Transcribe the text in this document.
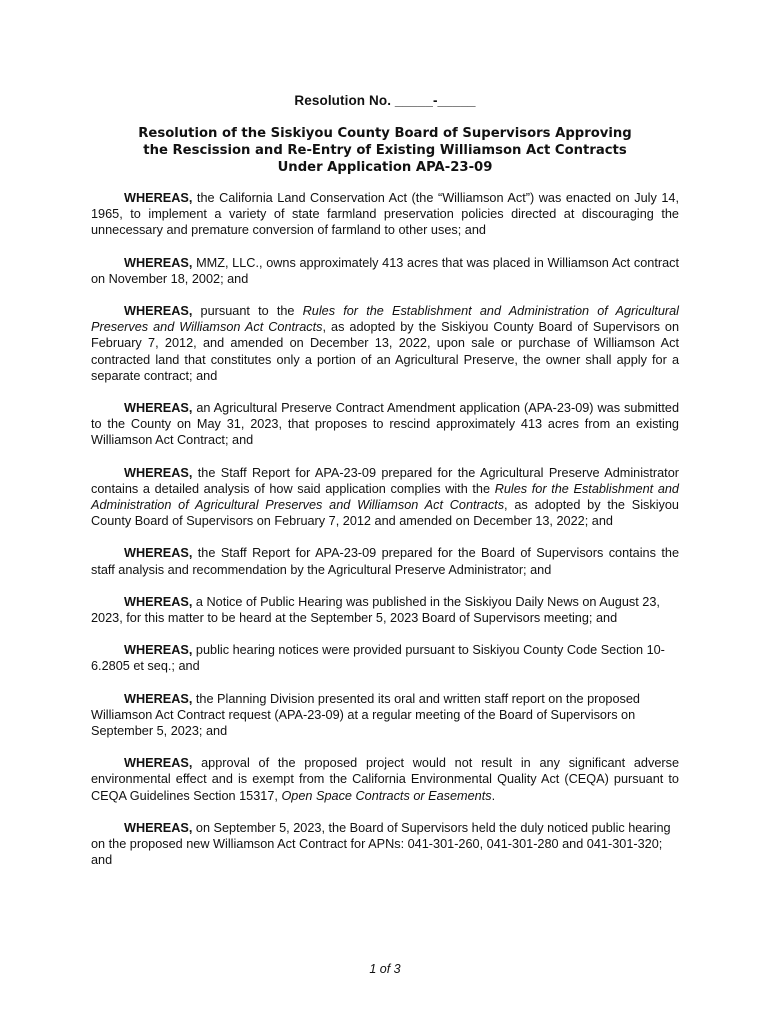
Resolution No. _____-_____
Resolution of the Siskiyou County Board of Supervisors Approving
the Rescission and Re-Entry of Existing Williamson Act Contracts
Under Application APA-23-09

WHEREAS, the California Land Conservation Act (the “Williamson Act”) was enacted on July 14, 1965, to implement a variety of state farmland preservation policies directed at discouraging the unnecessary and premature conversion of farmland to other uses; and

WHEREAS, MMZ, LLC., owns approximately 413 acres that was placed in Williamson Act contract on November 18, 2002; and

WHEREAS, pursuant to the Rules for the Establishment and Administration of Agricultural Preserves and Williamson Act Contracts, as adopted by the Siskiyou County Board of Supervisors on February 7, 2012, and amended on December 13, 2022, upon sale or purchase of Williamson Act contracted land that constitutes only a portion of an Agricultural Preserve, the owner shall apply for a separate contract; and

WHEREAS, an Agricultural Preserve Contract Amendment application (APA-23-09) was submitted to the County on May 31, 2023, that proposes to rescind approximately 413 acres from an existing Williamson Act Contract; and

WHEREAS, the Staff Report for APA-23-09 prepared for the Agricultural Preserve Administrator contains a detailed analysis of how said application complies with the Rules for the Establishment and Administration of Agricultural Preserves and Williamson Act Contracts, as adopted by the Siskiyou County Board of Supervisors on February 7, 2012 and amended on December 13, 2022; and

WHEREAS, the Staff Report for APA-23-09 prepared for the Board of Supervisors contains the staff analysis and recommendation by the Agricultural Preserve Administrator; and

WHEREAS, a Notice of Public Hearing was published in the Siskiyou Daily News on August 23, 2023, for this matter to be heard at the September 5, 2023 Board of Supervisors meeting; and

WHEREAS, public hearing notices were provided pursuant to Siskiyou County Code Section 10-6.2805 et seq.; and

WHEREAS, the Planning Division presented its oral and written staff report on the proposed Williamson Act Contract request (APA-23-09) at a regular meeting of the Board of Supervisors on September 5, 2023; and

WHEREAS, approval of the proposed project would not result in any significant adverse environmental effect and is exempt from the California Environmental Quality Act (CEQA) pursuant to CEQA Guidelines Section 15317, Open Space Contracts or Easements.

WHEREAS, on September 5, 2023, the Board of Supervisors held the duly noticed public hearing on the proposed new Williamson Act Contract for APNs: 041-301-260, 041-301-280 and 041-301-320; and

1 of 3
